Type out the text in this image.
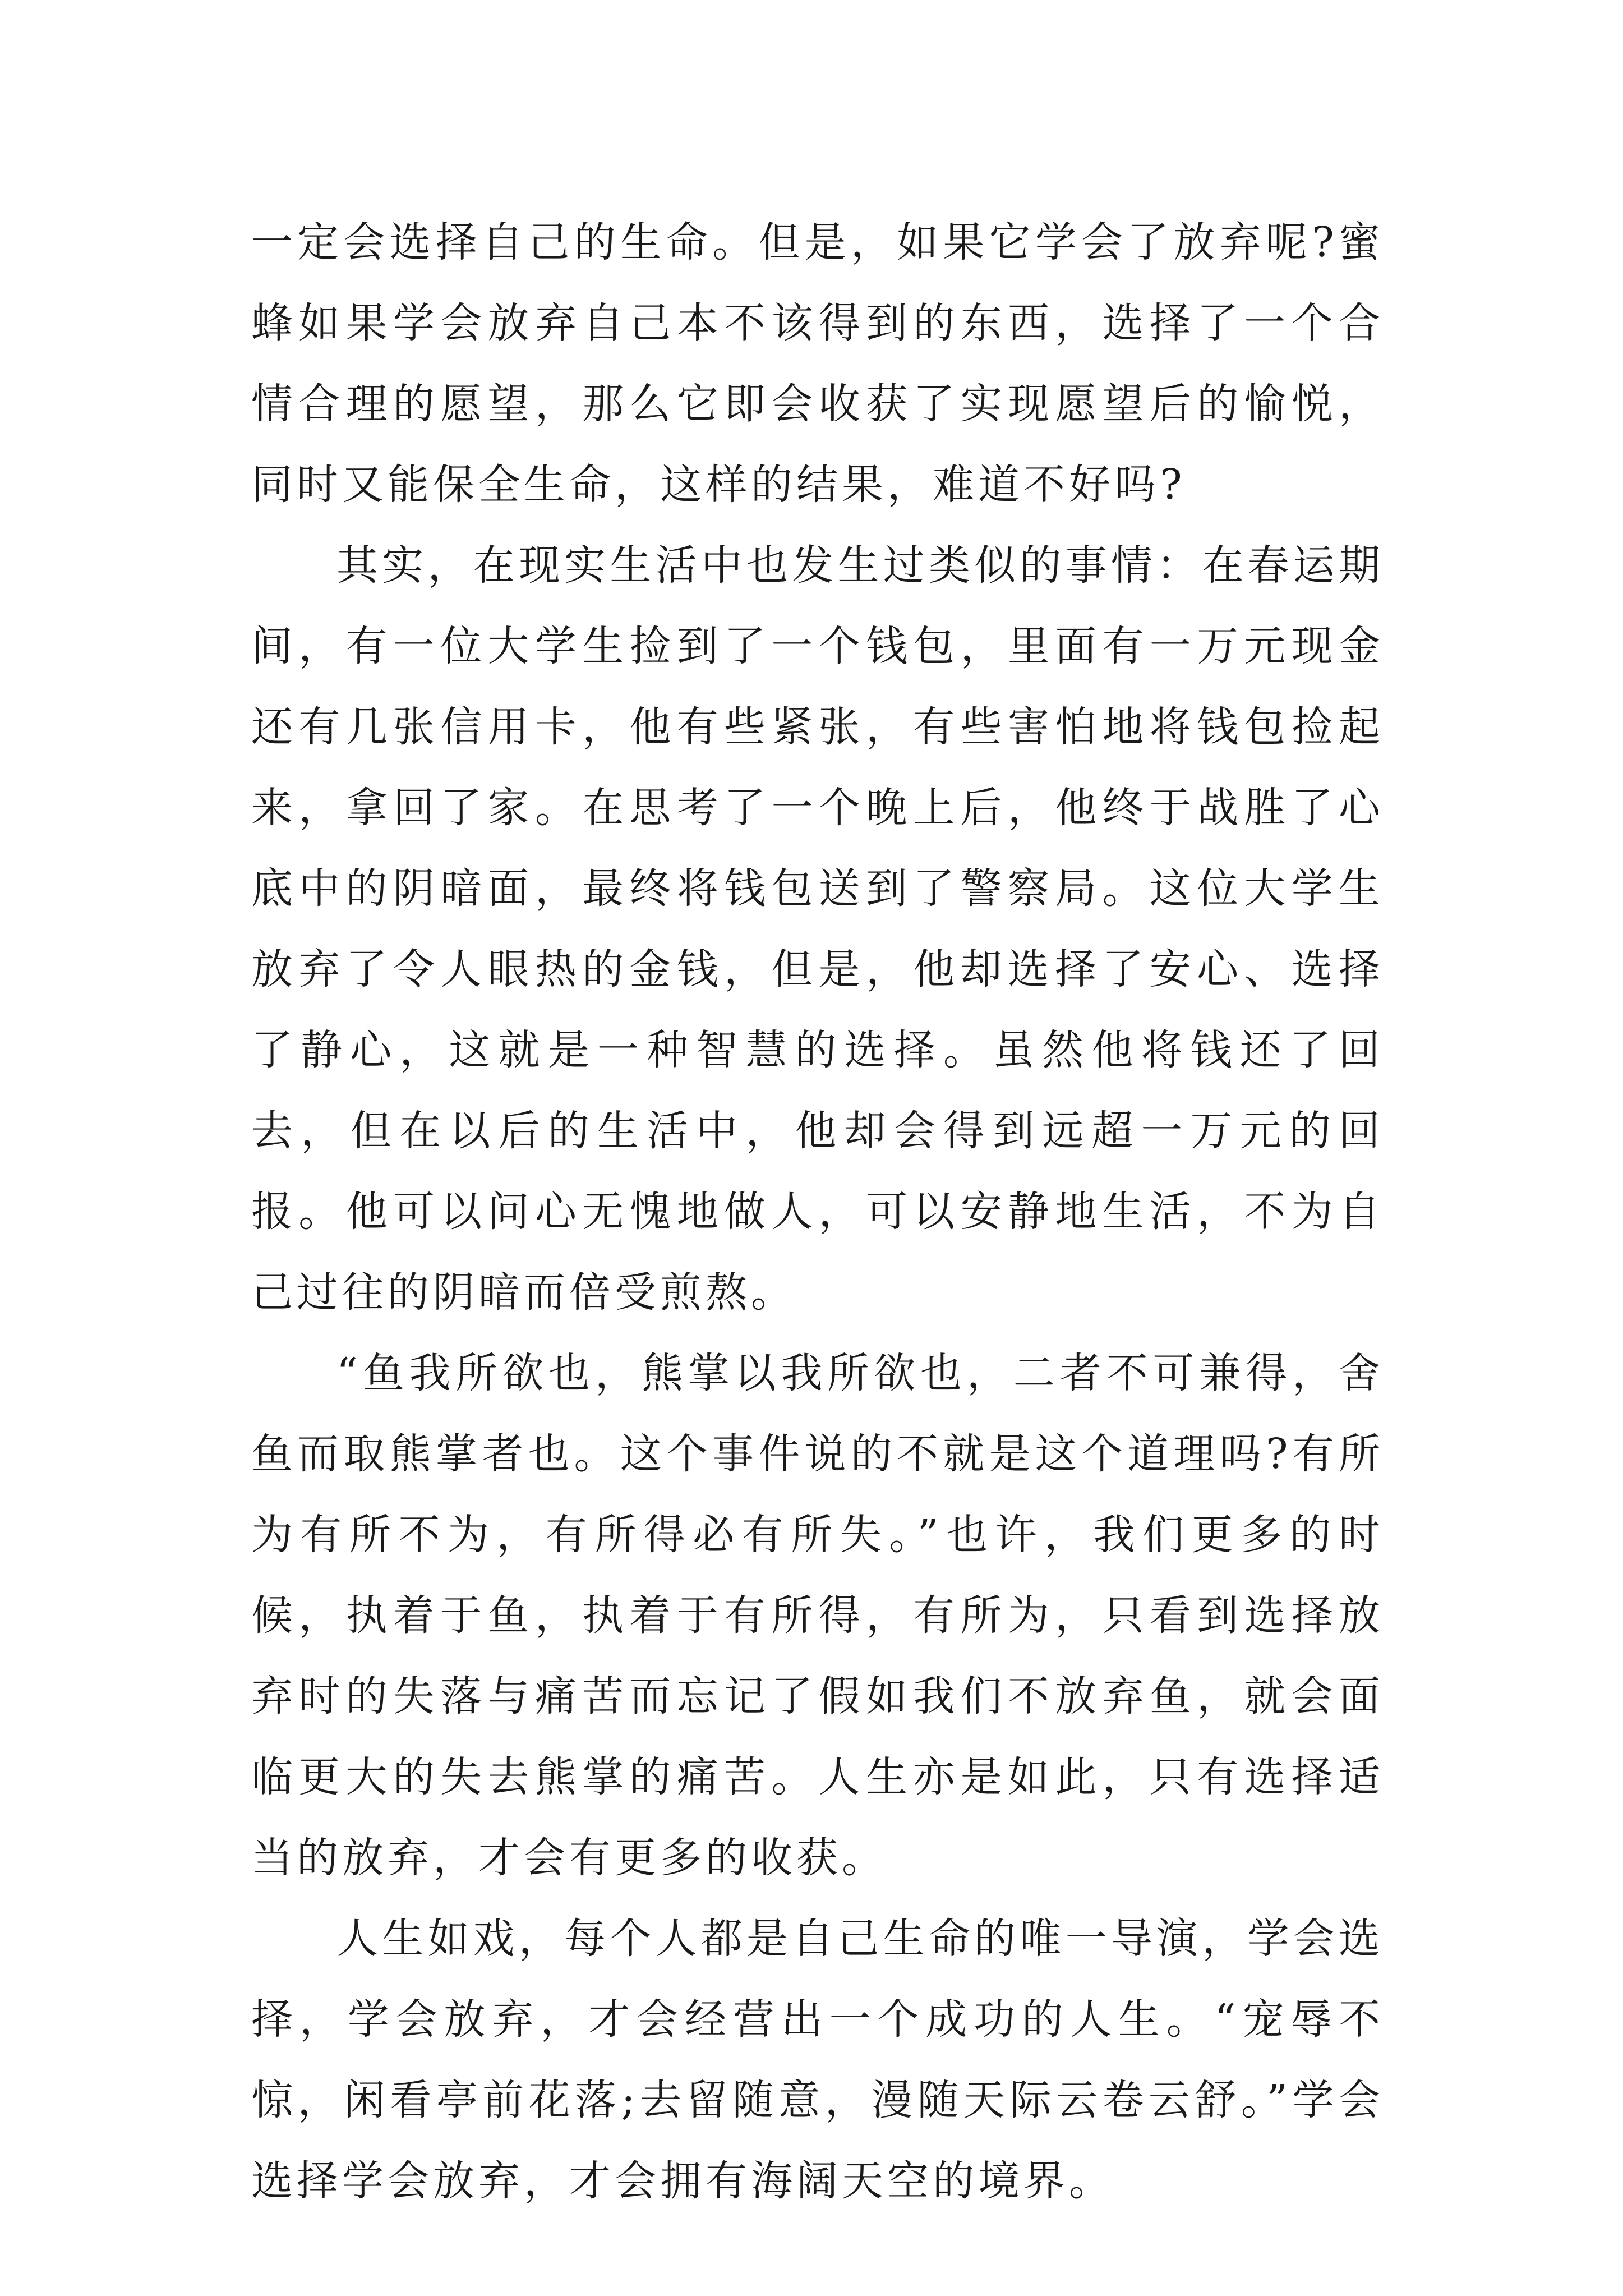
一定会选择自己的生命。但是，如果它学会了放弃呢?蜜蜂如果学会放弃自己本不该得到的东西，选择了一个合情合理的愿望，那么它即会收获了实现愿望后的愉悦，同时又能保全生命，这样的结果，难道不好吗?

其实，在现实生活中也发生过类似的事情：在春运期间，有一位大学生捡到了一个钱包，里面有一万元现金还有几张信用卡，他有些紧张，有些害怕地将钱包捡起来，拿回了家。在思考了一个晚上后，他终于战胜了心底中的阴暗面，最终将钱包送到了警察局。这位大学生放弃了令人眼热的金钱，但是，他却选择了安心、选择了静心，这就是一种智慧的选择。虽然他将钱还了回去，但在以后的生活中，他却会得到远超一万元的回报。他可以问心无愧地做人，可以安静地生活，不为自己过往的阴暗而倍受煎熬。

“鱼我所欲也，熊掌以我所欲也，二者不可兼得，舍鱼而取熊掌者也。这个事件说的不就是这个道理吗?有所为有所不为，有所得必有所失。”也许，我们更多的时候，执着于鱼，执着于有所得，有所为，只看到选择放弃时的失落与痛苦而忘记了假如我们不放弃鱼，就会面临更大的失去熊掌的痛苦。人生亦是如此，只有选择适当的放弃，才会有更多的收获。

人生如戏，每个人都是自己生命的唯一导演，学会选择，学会放弃，才会经营出一个成功的人生。“宠辱不惊，闲看亭前花落;去留随意，漫随天际云卷云舒。”学会选择学会放弃，才会拥有海阔天空的境界。
